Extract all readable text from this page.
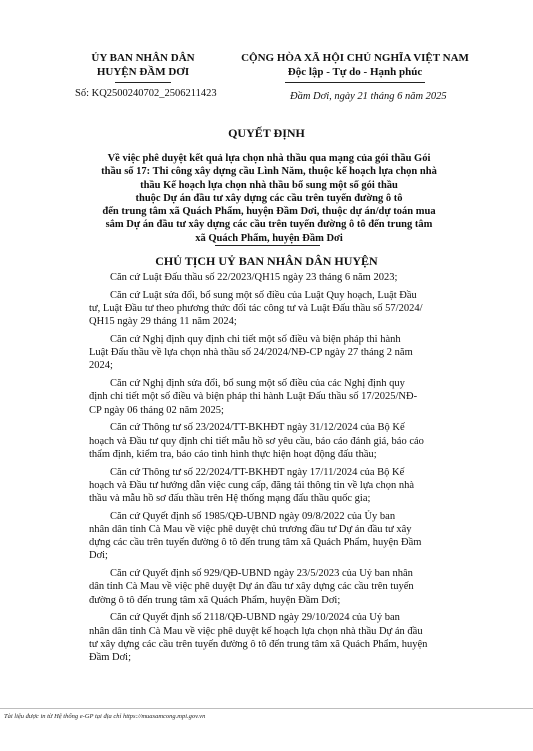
ỦY BAN NHÂN DÂN
HUYỆN ĐẦM DƠI
CỘNG HÒA XÃ HỘI CHỦ NGHĨA VIỆT NAM
Độc lập - Tự do - Hạnh phúc
Số: KQ2500240702_2506211423	Đầm Dơi, ngày 21 tháng 6 năm 2025
QUYẾT ĐỊNH
Về việc phê duyệt kết quả lựa chọn nhà thầu qua mạng của gói thầu Gói
thầu số 17: Thi công xây dựng cầu Lình Năm, thuộc kế hoạch lựa chọn nhà
thầu Kế hoạch lựa chọn nhà thầu bổ sung một số gói thầu
thuộc Dự án đầu tư xây dựng các cầu trên tuyến đường ô tô
đến trung tâm xã Quách Phẩm, huyện Đầm Dơi, thuộc dự án/dự toán mua
sắm Dự án đầu tư xây dựng các cầu trên tuyến đường ô tô đến trung tâm
xã Quách Phẩm, huyện Đầm Dơi
CHỦ TỊCH UỶ BAN NHÂN DÂN HUYỆN
Căn cứ Luật Đấu thầu số 22/2023/QH15 ngày 23 tháng 6 năm 2023;
Căn cứ Luật sửa đổi, bổ sung một số điều của Luật Quy hoạch, Luật Đầu
tư, Luật Đầu tư theo phương thức đối tác công tư và Luật Đấu thầu số 57/2024/
QH15 ngày 29 tháng 11 năm 2024;
Căn cứ Nghị định quy định chi tiết một số điều và biện pháp thi hành
Luật Đấu thầu về lựa chọn nhà thầu số 24/2024/NĐ-CP ngày 27 tháng 2 năm
2024;
Căn cứ Nghị định sửa đổi, bổ sung một số điều của các Nghị định quy
định chi tiết một số điều và biện pháp thi hành Luật Đấu thầu số 17/2025/NĐ-
CP ngày 06 tháng 02 năm 2025;
Căn cứ Thông tư số 23/2024/TT-BKHĐT ngày 31/12/2024 của Bộ Kế
hoạch và Đầu tư quy định chi tiết mẫu hồ sơ yêu cầu, báo cáo đánh giá, báo cáo
thẩm định, kiểm tra, báo cáo tình hình thực hiện hoạt động đấu thầu;
Căn cứ Thông tư số 22/2024/TT-BKHĐT ngày 17/11/2024 của Bộ Kế
hoạch và Đầu tư hướng dẫn việc cung cấp, đăng tải thông tin về lựa chọn nhà
thầu và mẫu hồ sơ đấu thầu trên Hệ thống mạng đấu thầu quốc gia;
Căn cứ Quyết định số 1985/QĐ-UBND ngày 09/8/2022 của Ủy ban
nhân dân tỉnh Cà Mau về việc phê duyệt chủ trương đầu tư Dự án đầu tư xây
dựng các cầu trên tuyến đường ô tô đến trung tâm xã Quách Phẩm, huyện Đầm
Dơi;
Căn cứ Quyết định số 929/QĐ-UBND ngày 23/5/2023 của Uỷ ban nhân
dân tỉnh Cà Mau về việc phê duyệt Dự án đầu tư xây dựng các cầu trên tuyến
đường ô tô đến trung tâm xã Quách Phẩm, huyện Đầm Dơi;
Căn cứ Quyết định số 2118/QĐ-UBND ngày 29/10/2024 của Uỷ ban
nhân dân tỉnh Cà Mau về việc phê duyệt kế hoạch lựa chọn nhà thầu Dự án đầu
tư xây dựng các cầu trên tuyến đường ô tô đến trung tâm xã Quách Phẩm, huyện
Đầm Dơi;
Tài liệu được in từ Hệ thống e-GP tại địa chỉ https://muasamcong.mpi.gov.vn
